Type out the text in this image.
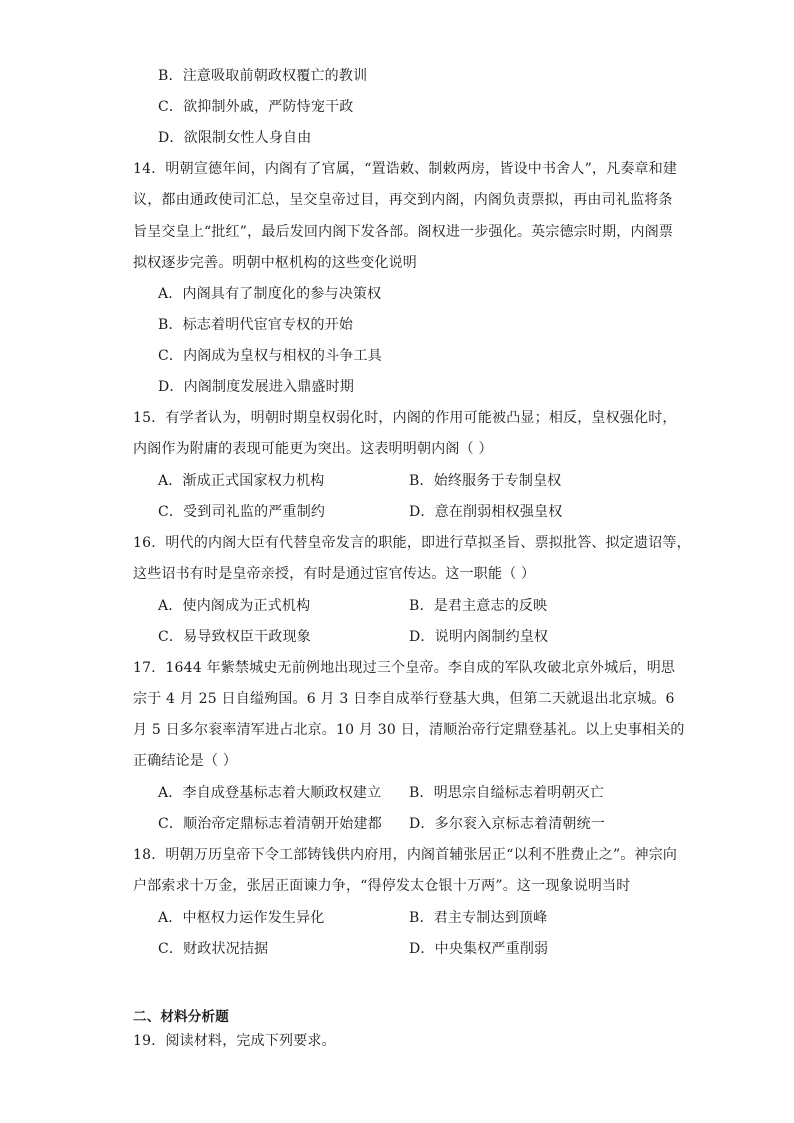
B．注意吸取前朝政权覆亡的教训
C．欲抑制外戚，严防恃宠干政
D．欲限制女性人身自由
14．明朝宣德年间，内阁有了官属，“置诰敕、制敕两房，皆设中书舍人”，凡奏章和建
议，都由通政使司汇总，呈交皇帝过目，再交到内阁，内阁负责票拟，再由司礼监将条
旨呈交皇上“批红”，最后发回内阁下发各部。阁权进一步强化。英宗德宗时期，内阁票
拟权逐步完善。明朝中枢机构的这些变化说明
A．内阁具有了制度化的参与决策权
B．标志着明代宦官专权的开始
C．内阁成为皇权与相权的斗争工具
D．内阁制度发展进入鼎盛时期
15．有学者认为，明朝时期皇权弱化时，内阁的作用可能被凸显；相反，皇权强化时，
内阁作为附庸的表现可能更为突出。这表明明朝内阁（ ）
A．渐成正式国家权力机构	B．始终服务于专制皇权
C．受到司礼监的严重制约	D．意在削弱相权强皇权
16．明代的内阁大臣有代替皇帝发言的职能，即进行草拟圣旨、票拟批答、拟定遗诏等，
这些诏书有时是皇帝亲授，有时是通过宦官传达。这一职能（ ）
A．使内阁成为正式机构	B．是君主意志的反映
C．易导致权臣干政现象	D．说明内阁制约皇权
17．1644 年紫禁城史无前例地出现过三个皇帝。李自成的军队攻破北京外城后，明思
宗于 4 月 25 日自缢殉国。6 月 3 日李自成举行登基大典，但第二天就退出北京城。6
月 5 日多尔衮率清军进占北京。10 月 30 日，清顺治帝行定鼎登基礼。以上史事相关的
正确结论是（ ）
A．李自成登基标志着大顺政权建立 B．明思宗自缢标志着明朝灭亡
C．顺治帝定鼎标志着清朝开始建都 D．多尔衮入京标志着清朝统一
18．明朝万历皇帝下令工部铸钱供内府用，内阁首辅张居正“以利不胜费止之”。神宗向
户部索求十万金，张居正面谏力争，“得停发太仓银十万两”。这一现象说明当时
A．中枢权力运作发生异化	B．君主专制达到顶峰
C．财政状况拮据	D．中央集权严重削弱
二、材料分析题
19．阅读材料，完成下列要求。
